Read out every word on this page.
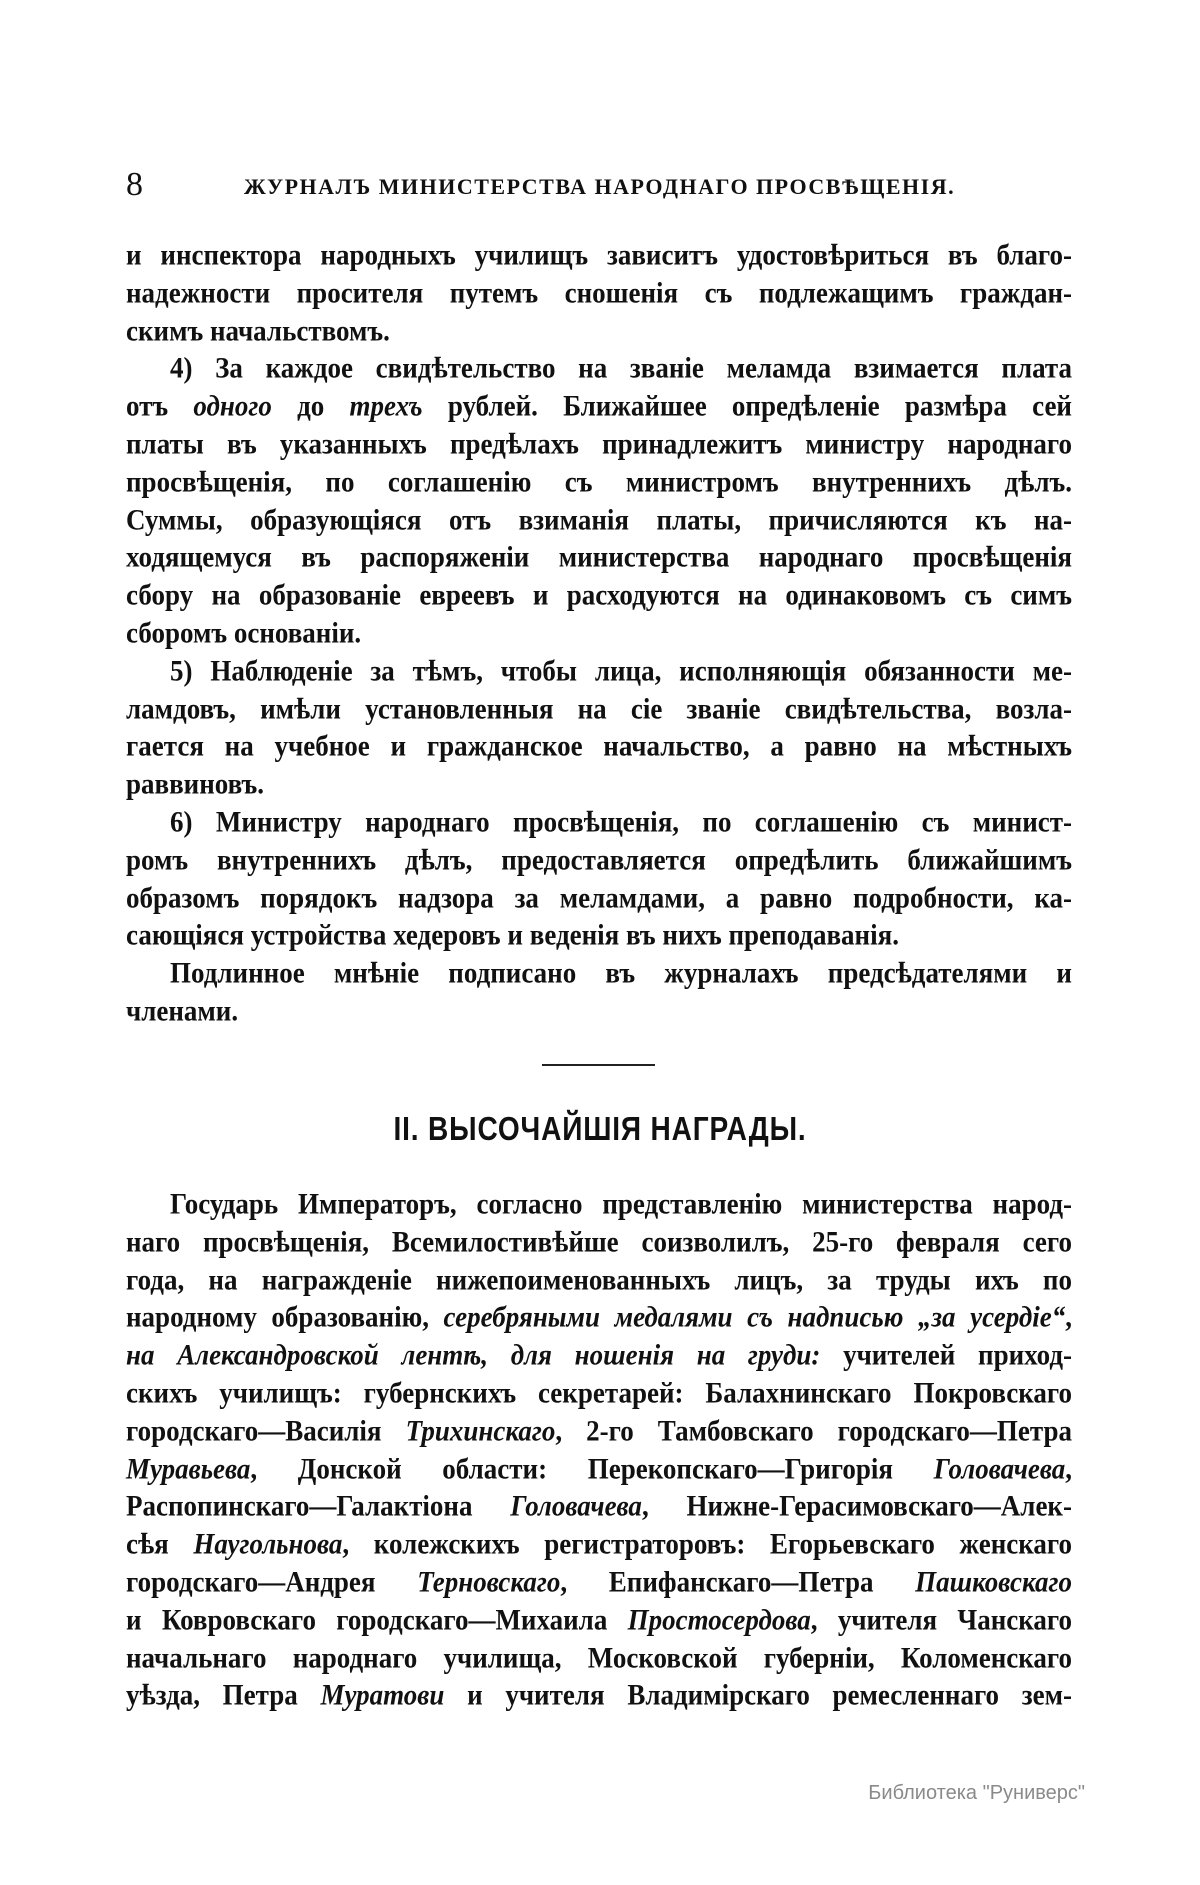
8	ЖУРНАЛЪ МИНИСТЕРСТВА НАРОДНАГО ПРОСВѢЩЕНІЯ.
и инспектора народныхъ училищъ зависитъ удостовѣриться въ благо-
надежности просителя путемъ сношенія съ подлежащимъ граждан-
скимъ начальствомъ.
4) За каждое свидѣтельство на званіе меламда взимается плата
отъ одного до трехъ рублей. Ближайшее опредѣленіе размѣра сей
платы въ указанныхъ предѣлахъ принадлежитъ министру народнаго
просвѣщенія, по соглашенію съ министромъ внутреннихъ дѣлъ.
Суммы, образующіяся отъ взиманія платы, причисляются къ на-
ходящемуся въ распоряженіи министерства народнаго просвѣщенія
сбору на образованіе евреевъ и расходуются на одинаковомъ съ симъ
сборомъ основаніи.
5) Наблюденіе за тѣмъ, чтобы лица, исполняющія обязанности ме-
ламдовъ, имѣли установленныя на сіе званіе свидѣтельства, возла-
гается на учебное и гражданское начальство, а равно на мѣстныхъ
раввиновъ.
6) Министру народнаго просвѣщенія, по соглашенію съ минист-
ромъ внутреннихъ дѣлъ, предоставляется опредѣлить ближайшимъ
образомъ порядокъ надзора за меламдами, а равно подробности, ка-
сающіяся устройства хедеровъ и веденія въ нихъ преподаванія.
Подлинное мнѣніе подписано въ журналахъ предсѣдателями и
членами.
II. ВЫСОЧАЙШІЯ НАГРАДЫ.
Государь Императоръ, согласно представленію министерства народ-
наго просвѣщенія, Всемилостивѣйше соизволилъ, 25-го февраля сего
года, на награжденіе нижепоименованныхъ лицъ, за труды ихъ по
народному образованію, серебряными медалями съ надписью „за усердіе“,
на Александровской лентѣ, для ношенія на груди: учителей приход-
скихъ училищъ: губернскихъ секретарей: Балахнинскаго Покровскаго
городскаго—Василія Трихинскаго, 2-го Тамбовскаго городскаго—Петра
Муравьева, Донской области: Перекопскаго—Григорія Головачева,
Распопинскаго—Галактіона Головачева, Нижне-Герасимовскаго—Алек-
сѣя Наугольнова, колежскихъ регистраторовъ: Егорьевскаго женскаго
городскаго—Андрея Терновскаго, Епифанскаго—Петра Пашковскаго
и Ковровскаго городскаго—Михаила Простосердова, учителя Чанскаго
начальнаго народнаго училища, Московской губерніи, Коломенскаго
уѣзда, Петра Муратови и учителя Владимірскаго ремесленнаго зем-
Библиотека "Руниверс"
